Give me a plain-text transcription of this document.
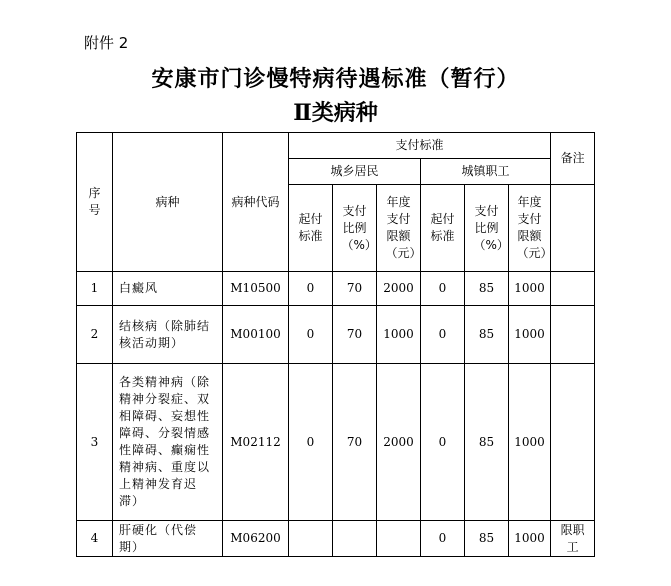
附件 2
安康市门诊慢特病待遇标准（暂行）
Ⅱ类病种
序号	病种	病种代码	支付标准						备注
			城乡居民			城镇职工			
			起付标准	支付比例（%）	年度支付限额（元）	起付标准	支付比例（%）	年度支付限额（元）	
1	白癜风	M10500	0	70	2000	0	85	1000	
2	结核病（除肺结核活动期）	M00100	0	70	1000	0	85	1000	
3	各类精神病（除精神分裂症、双相障碍、妄想性障碍、分裂情感性障碍、癫痫性精神病、重度以上精神发育迟滞）	M02112	0	70	2000	0	85	1000	
4	肝硬化（代偿期）	M06200				0	85	1000	限职工
